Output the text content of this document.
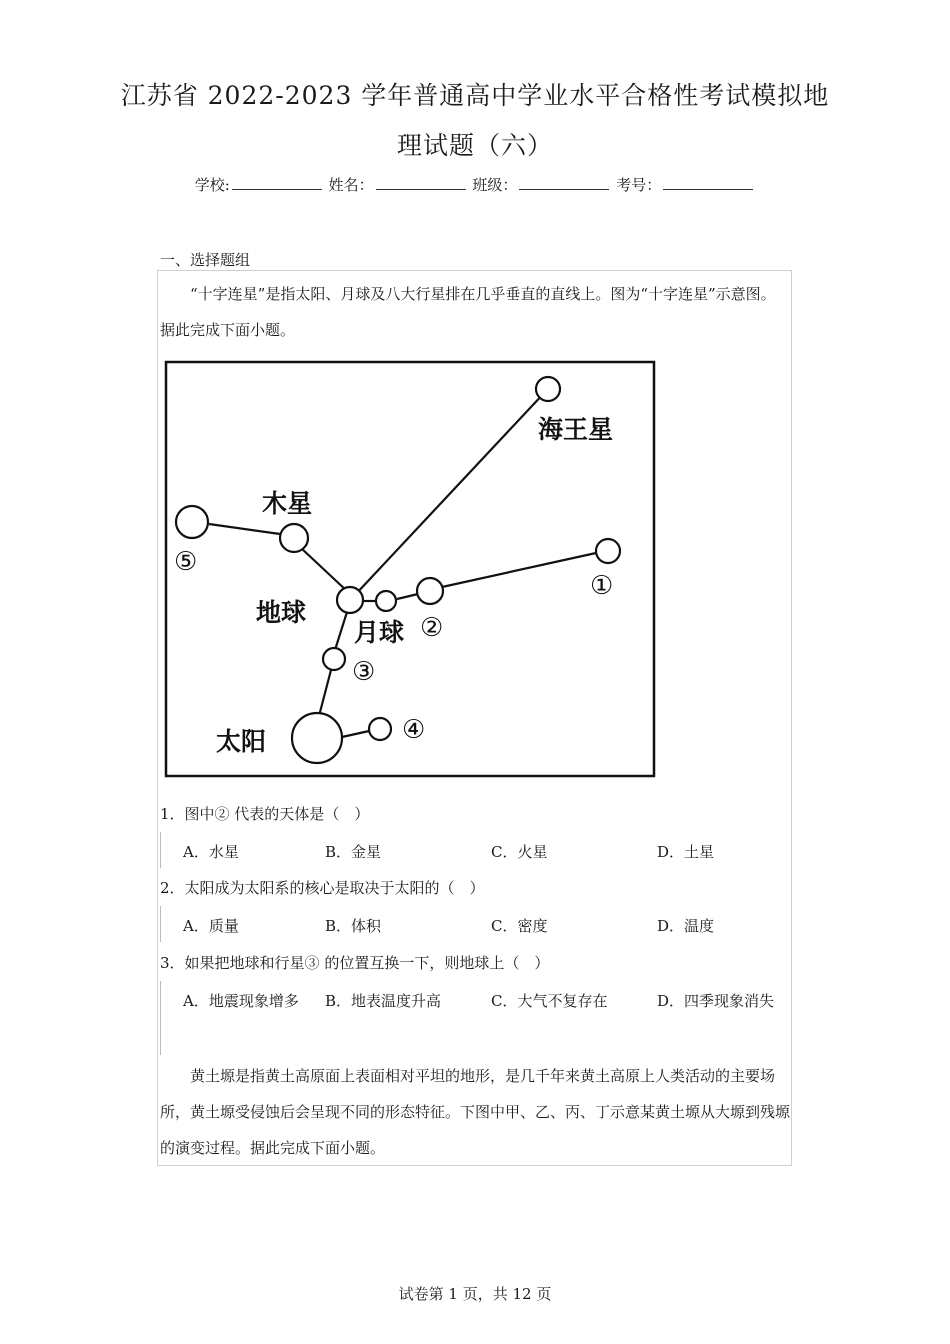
江苏省 2022-2023 学年普通高中学业水平合格性考试模拟地
理试题（六）
学校:	姓名：	班级：	考号：
一、选择题组

“十字连星”是指太阳、月球及八大行星排在几乎垂直的直线上。图为“十字连星”示意图。据此完成下面小题。

海王星
木星
地球
月球
太阳
①
②
③
④
⑤
1．图中② 代表的天体是（　）
A．水星	B．金星	C．火星	D．土星
2．太阳成为太阳系的核心是取决于太阳的（　）
A．质量	B．体积	C．密度	D．温度
3．如果把地球和行星③ 的位置互换一下，则地球上（　）
A．地震现象增多 B．地表温度升高	C．大气不复存在	D．四季现象消失

黄土塬是指黄土高原面上表面相对平坦的地形，是几千年来黄土高原上人类活动的主要场所，黄土塬受侵蚀后会呈现不同的形态特征。下图中甲、乙、丙、丁示意某黄土塬从大塬到残塬的演变过程。据此完成下面小题。

试卷第 1 页，共 12 页
